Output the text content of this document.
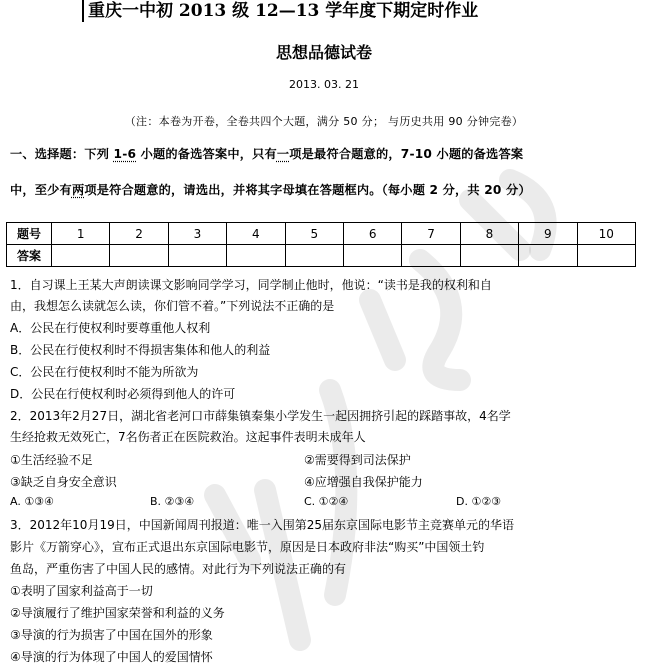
重庆一中初 2013 级 12—13 学年度下期定时作业
思想品德试卷
2013. 03. 21
（注：本卷为开卷，全卷共四个大题，满分 50 分； 与历史共用 90 分钟完卷）
一、选择题：下列 1-6 小题的备选答案中，只有一项是最符合题意的，7-10 小题的备选答案
中，至少有两项是符合题意的，请选出，并将其字母填在答题框内。（每小题 2 分，共 20 分）
题号	1	2	3	4	5	6	7	8	9	10
答案										
1．自习课上王某大声朗读课文影响同学学习，同学制止他时，他说：“读书是我的权利和自
由，我想怎么读就怎么读，你们管不着。”下列说法不正确的是
A．公民在行使权利时要尊重他人权利
B．公民在行使权利时不得损害集体和他人的利益
C．公民在行使权利时不能为所欲为
D．公民在行使权利时必须得到他人的许可
2．2013年2月27日，湖北省老河口市薛集镇秦集小学发生一起因拥挤引起的踩踏事故，4名学
生经抢救无效死亡，7名伤者正在医院救治。这起事件表明未成年人
①生活经验不足	②需要得到司法保护
③缺乏自身安全意识	④应增强自我保护能力
A. ①③④	B. ②③④	C. ①②④	D. ①②③
3．2012年10月19日，中国新闻周刊报道：唯一入围第25届东京国际电影节主竞赛单元的华语
影片《万箭穿心》，宣布正式退出东京国际电影节，原因是日本政府非法“购买”中国领土钓
鱼岛，严重伤害了中国人民的感情。对此行为下列说法正确的有
①表明了国家利益高于一切
②导演履行了维护国家荣誉和利益的义务
③导演的行为损害了中国在国外的形象
④导演的行为体现了中国人的爱国情怀
